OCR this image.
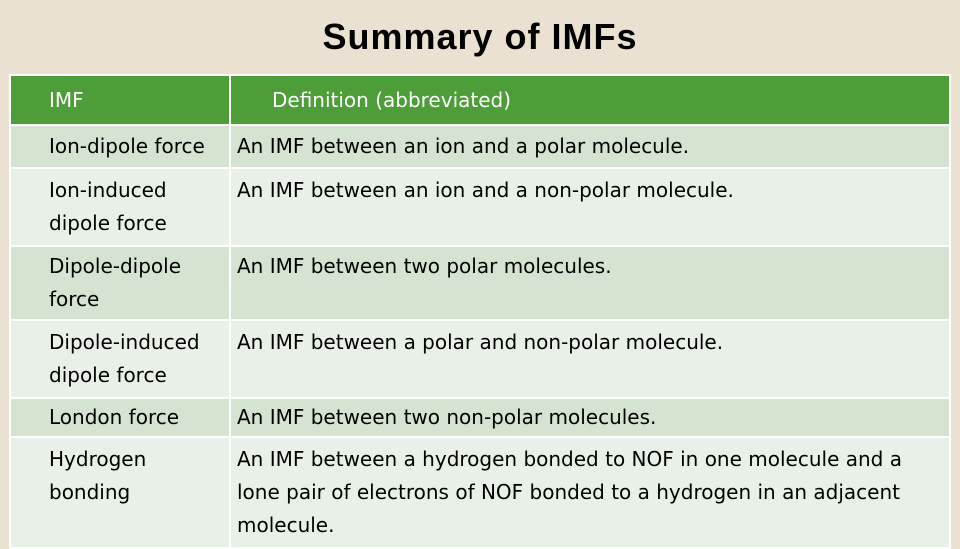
Summary of IMFs
IMF	Definition (abbreviated)
Ion-dipole force	An IMF between an ion and a polar molecule.
Ion-induced dipole force	An IMF between an ion and a non-polar molecule.
Dipole-dipole force	An IMF between two polar molecules.
Dipole-induced dipole force	An IMF between a polar and non-polar molecule.
London force	An IMF between two non-polar molecules.
Hydrogen bonding	An IMF between a hydrogen bonded to NOF in one molecule and a lone pair of electrons of NOF bonded to a hydrogen in an adjacent molecule.
